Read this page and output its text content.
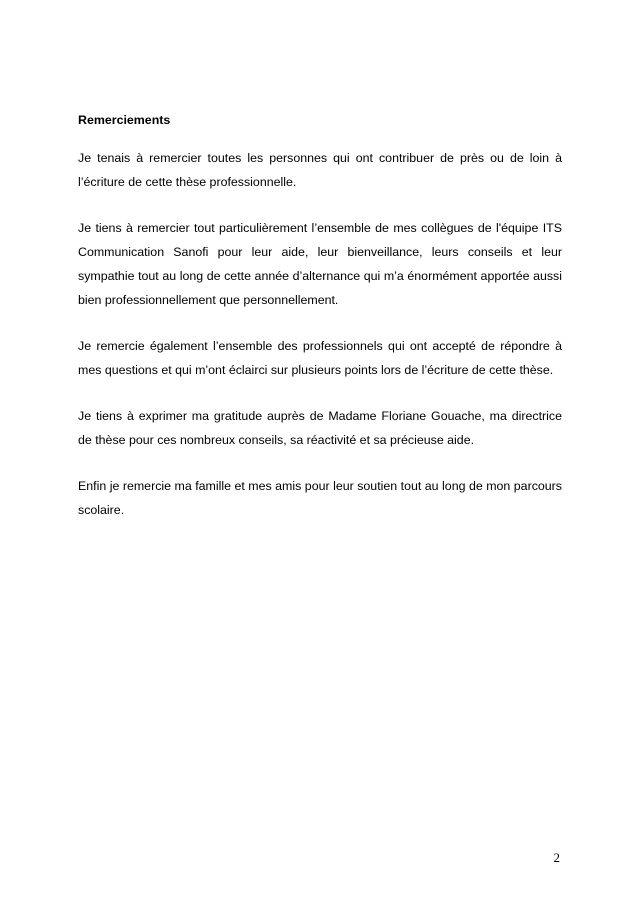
Remerciements

Je tenais à remercier toutes les personnes qui ont contribuer de près ou de loin à l’écriture de cette thèse professionnelle.

Je tiens à remercier tout particulièrement l’ensemble de mes collègues de l'équipe ITS Communication Sanofi pour leur aide, leur bienveillance, leurs conseils et leur sympathie tout au long de cette année d’alternance qui m’a énormément apportée aussi bien professionnellement que personnellement.

Je remercie également l’ensemble des professionnels qui ont accepté de répondre à mes questions et qui m’ont éclairci sur plusieurs points lors de l’écriture de cette thèse.

Je tiens à exprimer ma gratitude auprès de Madame Floriane Gouache, ma directrice de thèse pour ces nombreux conseils, sa réactivité et sa précieuse aide.

Enfin je remercie ma famille et mes amis pour leur soutien tout au long de mon parcours scolaire.

2
